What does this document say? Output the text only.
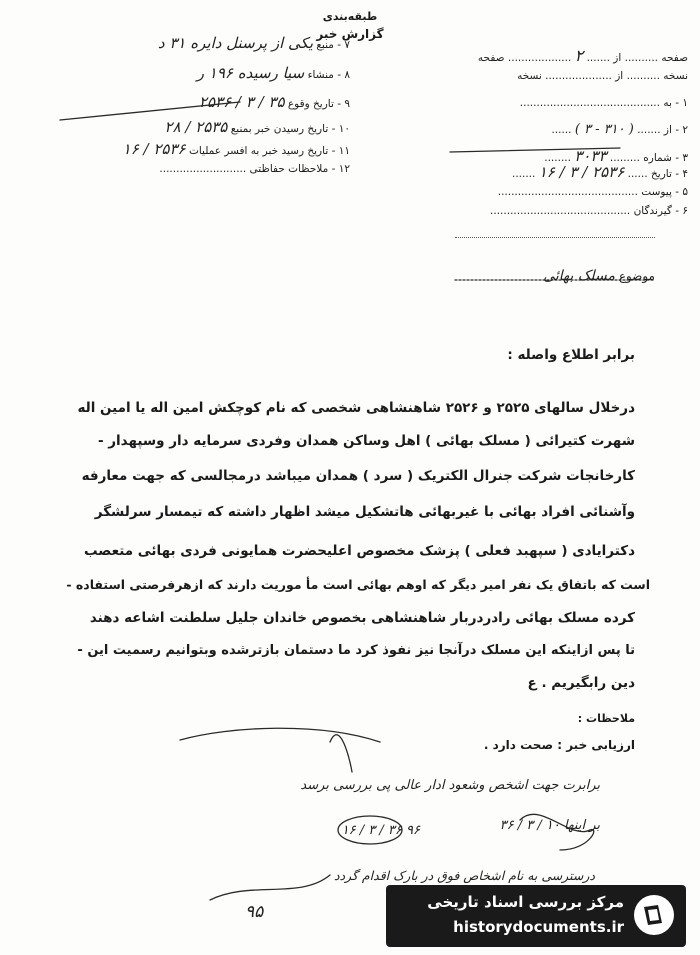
طبقه‌بندی
گزارش خبر
صفحه .......... از ....... ۲ ................... صفحه
نسخه .......... از .................... نسخه
۱ - به ..........................................
۲ - از ....... ( ۳۱۰ - ۳ ) ......
۳ - شماره ......... ۳۰۳۳ ........
۴ - تاریخ ...... ۲۵۳۶ / ۳ / ۱۶ .......
۵ - پیوست ..........................................
۶ - گیرندگان ..........................................
۷ - منبع یکی از پرسنل دایره ۳۱ د
۸ - منشاء سیا رسیده ۱۹۶ ر
۹ - تاریخ وقوع ۳۵ / ۳ / ۲۵۳۶
۱۰ - تاریخ رسیدن خبر بمنبع ۲۵۳۵ / ۲۸
۱۱ - تاریخ رسید خبر به افسر عملیات ۲۵۳۶ / ۱۶
۱۲ - ملاحظات حفاظتی ..........................
موضوع مسلک بهائی
برابر اطلاع واصله :
درخلال سالهای ۲۵۲۵ و ۲۵۲۶ شاهنشاهی شخصی که نام کوچکش امین اله یا امین اله
شهرت کتیرائی ( مسلک بهائی ) اهل وساکن همدان وفردی سرمایه دار وسپهدار -
کارخانجات شرکت جنرال الکتریک ( سرد ) همدان میباشد درمجالسی که جهت معارفه
وآشنائی افراد بهائی با غیربهائی هاتشکیل میشد اظهار داشته که تیمسار سرلشگر
دکترایادی ( سپهبد فعلی ) پزشک مخصوص اعلیحضرت همایونی فردی بهائی متعصب
است که باتفاق یک نفر امیر دیگر که اوهم بهائی است مأ موریت دارند که ازهرفرصتی استفاده -
کرده مسلک بهائی رادردربار شاهنشاهی بخصوص خاندان جلیل سلطنت اشاعه دهند
تا پس ازاینکه این مسلک درآنجا نیز نفوذ کرد ما دستمان بازترشده وبتوانیم رسمیت این -
دین رابگیریم . ع
ملاحظات :
ارزیابی خبر : صحت دارد .
برابرت جهت اشخص وشعود ادار عالی پی بررسی برسد
بر اینها ۱۰ / ۳ / ۳۶
۱۶ / ۳ / ۳۶ ۹۶
درسترسی به نام اشخاص فوق در بارک اقدام گردد
۹۵	مرکز بررسی اسناد تاریخی
historydocuments.ir
